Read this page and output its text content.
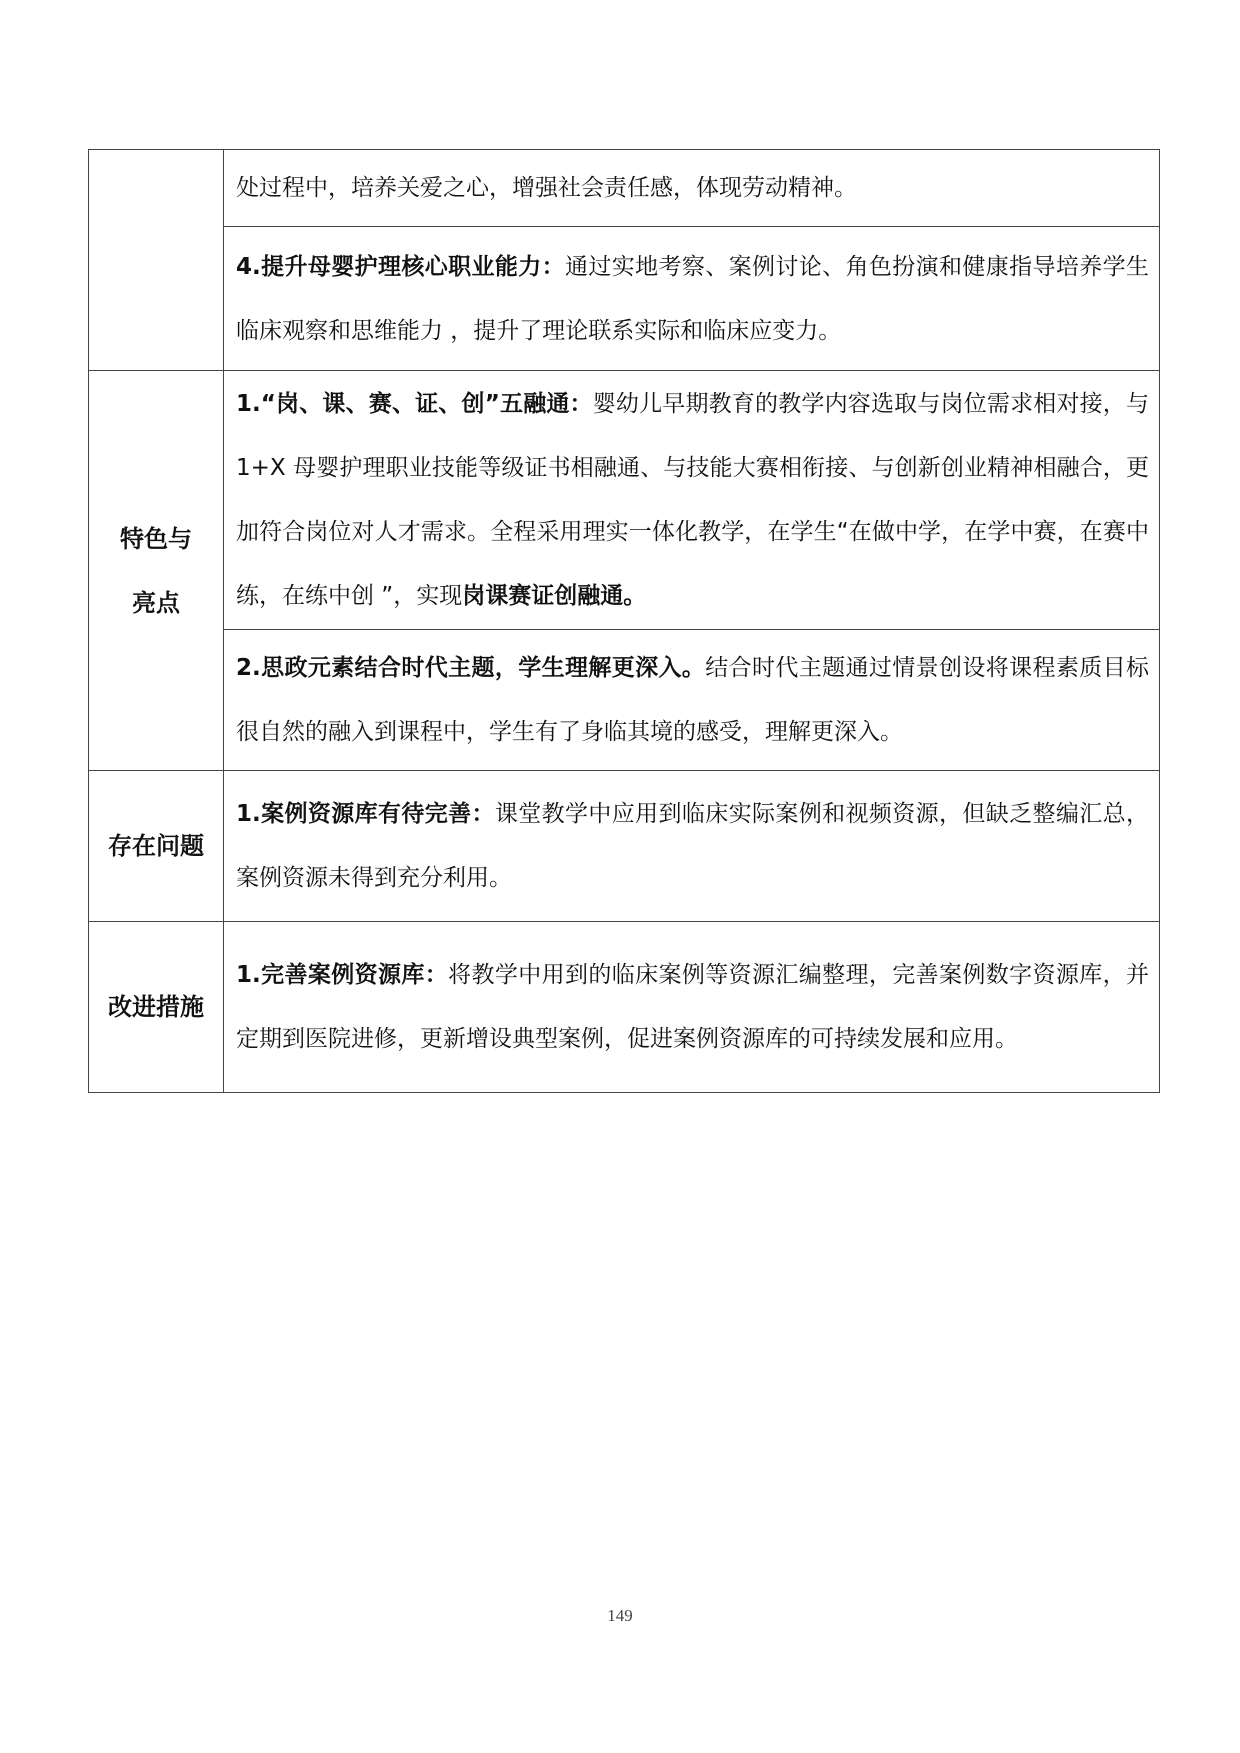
	处过程中，培养关爱之心，增强社会责任感，体现劳动精神。
	4.提升母婴护理核心职业能力：通过实地考察、案例讨论、角色扮演和健康指导培养学生临床观察和思维能力 ，提升了理论联系实际和临床应变力。

特色与
亮点	1.“岗、课、赛、证、创”五融通：婴幼儿早期教育的教学内容选取与岗位需求相对接，与 1+X 母婴护理职业技能等级证书相融通、与技能大赛相衔接、与创新创业精神相融合，更加符合岗位对人才需求。全程采用理实一体化教学，在学生“在做中学，在学中赛，在赛中练，在练中创 ”，实现岗课赛证创融通。
	2.思政元素结合时代主题，学生理解更深入。结合时代主题通过情景创设将课程素质目标很自然的融入到课程中，学生有了身临其境的感受，理解更深入。
存在问题	1.案例资源库有待完善：课堂教学中应用到临床实际案例和视频资源，但缺乏整编汇总，案例资源未得到充分利用。
改进措施	1.完善案例资源库：将教学中用到的临床案例等资源汇编整理，完善案例数字资源库，并定期到医院进修，更新增设典型案例，促进案例资源库的可持续发展和应用。
149
